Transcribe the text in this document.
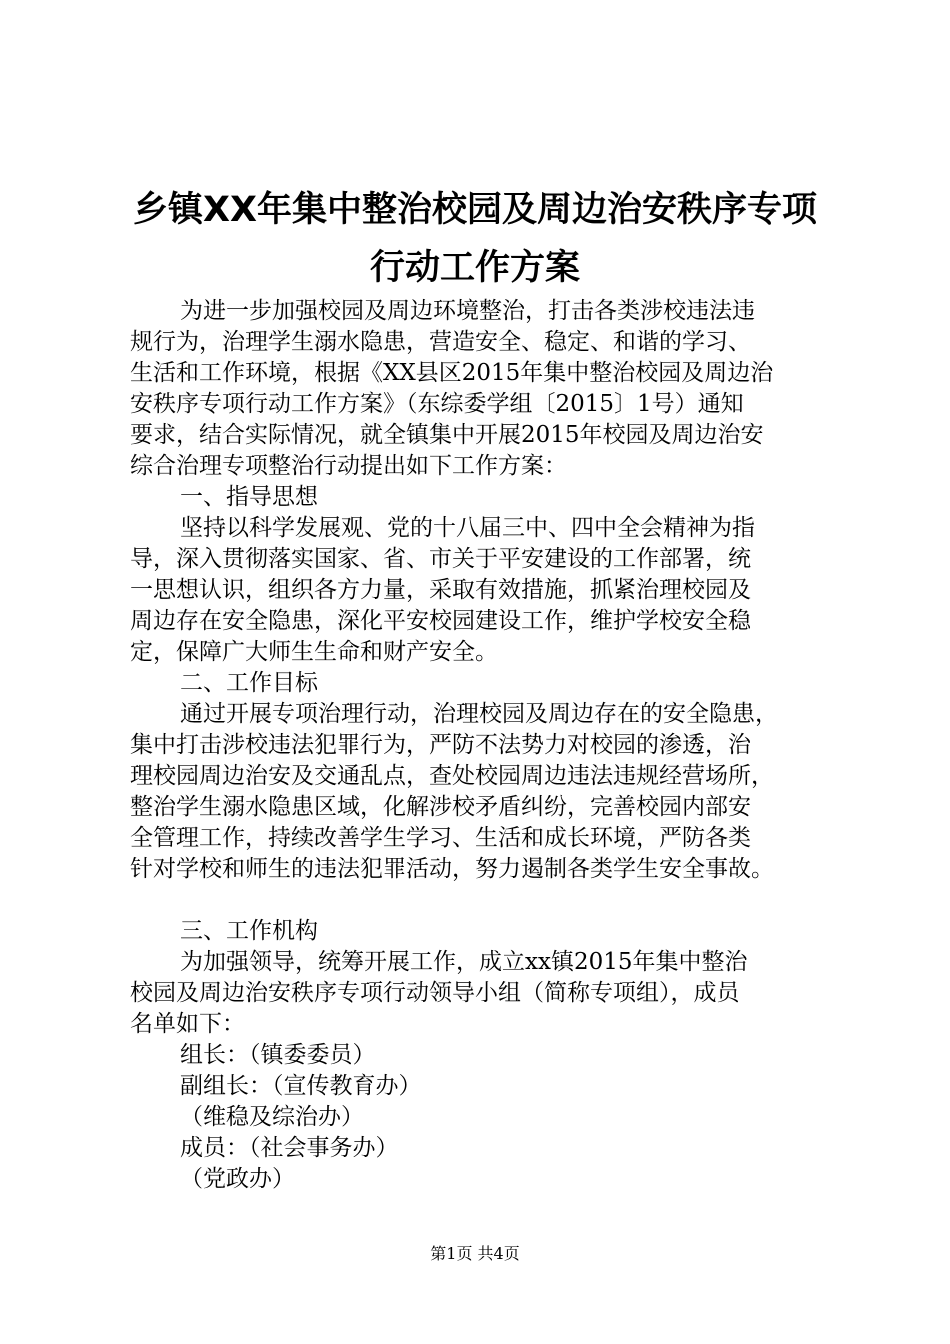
乡镇XX年集中整治校园及周边治安秩序专项
行动工作方案
为进一步加强校园及周边环境整治，打击各类涉校违法违
规行为，治理学生溺水隐患，营造安全、稳定、和谐的学习、
生活和工作环境，根据《XX县区2015年集中整治校园及周边治
安秩序专项行动工作方案》（东综委学组〔2015〕1号）通知
要求，结合实际情况，就全镇集中开展2015年校园及周边治安
综合治理专项整治行动提出如下工作方案：
一、指导思想
坚持以科学发展观、党的十八届三中、四中全会精神为指
导，深入贯彻落实国家、省、市关于平安建设的工作部署，统
一思想认识，组织各方力量，采取有效措施，抓紧治理校园及
周边存在安全隐患，深化平安校园建设工作，维护学校安全稳
定，保障广大师生生命和财产安全。
二、工作目标
通过开展专项治理行动，治理校园及周边存在的安全隐患，
集中打击涉校违法犯罪行为，严防不法势力对校园的渗透，治
理校园周边治安及交通乱点，查处校园周边违法违规经营场所，
整治学生溺水隐患区域，化解涉校矛盾纠纷，完善校园内部安
全管理工作，持续改善学生学习、生活和成长环境，严防各类
针对学校和师生的违法犯罪活动，努力遏制各类学生安全事故。
三、工作机构
为加强领导，统筹开展工作，成立xx镇2015年集中整治
校园及周边治安秩序专项行动领导小组（简称专项组），成员
名单如下：
组长：（镇委委员）
副组长：（宣传教育办）
（维稳及综治办）
成员：（社会事务办）
（党政办）
第1页 共4页
